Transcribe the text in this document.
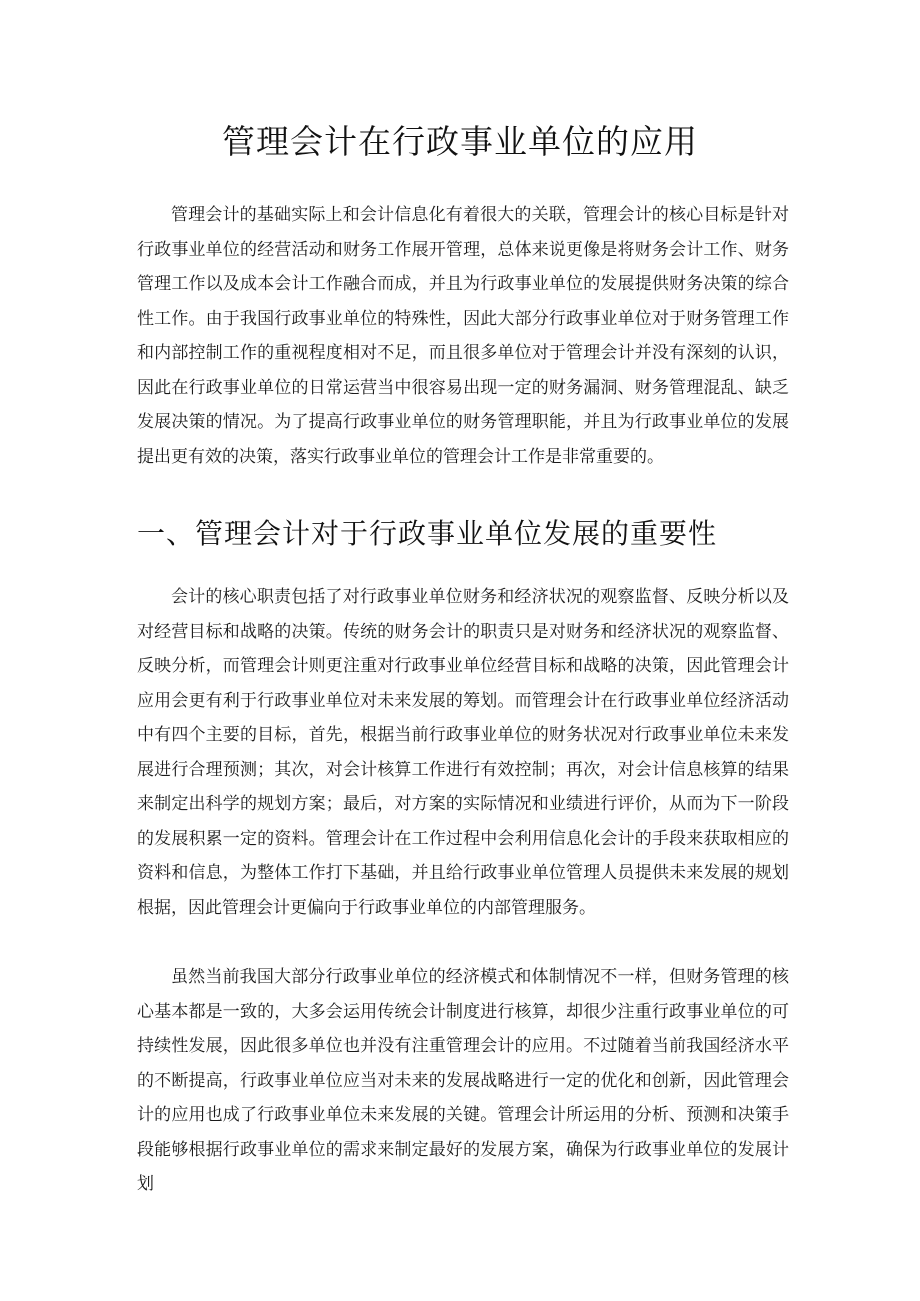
管理会计在行政事业单位的应用

管理会计的基础实际上和会计信息化有着很大的关联，管理会计的核心目标是针对行政事业单位的经营活动和财务工作展开管理，总体来说更像是将财务会计工作、财务管理工作以及成本会计工作融合而成，并且为行政事业单位的发展提供财务决策的综合性工作。由于我国行政事业单位的特殊性，因此大部分行政事业单位对于财务管理工作和内部控制工作的重视程度相对不足，而且很多单位对于管理会计并没有深刻的认识，因此在行政事业单位的日常运营当中很容易出现一定的财务漏洞、财务管理混乱、缺乏发展决策的情况。为了提高行政事业单位的财务管理职能，并且为行政事业单位的发展提出更有效的决策，落实行政事业单位的管理会计工作是非常重要的。

一、管理会计对于行政事业单位发展的重要性

会计的核心职责包括了对行政事业单位财务和经济状况的观察监督、反映分析以及对经营目标和战略的决策。传统的财务会计的职责只是对财务和经济状况的观察监督、反映分析，而管理会计则更注重对行政事业单位经营目标和战略的决策，因此管理会计应用会更有利于行政事业单位对未来发展的筹划。而管理会计在行政事业单位经济活动中有四个主要的目标，首先，根据当前行政事业单位的财务状况对行政事业单位未来发展进行合理预测；其次，对会计核算工作进行有效控制；再次，对会计信息核算的结果来制定出科学的规划方案；最后，对方案的实际情况和业绩进行评价，从而为下一阶段的发展积累一定的资料。管理会计在工作过程中会利用信息化会计的手段来获取相应的资料和信息，为整体工作打下基础，并且给行政事业单位管理人员提供未来发展的规划根据，因此管理会计更偏向于行政事业单位的内部管理服务。

虽然当前我国大部分行政事业单位的经济模式和体制情况不一样，但财务管理的核心基本都是一致的，大多会运用传统会计制度进行核算，却很少注重行政事业单位的可持续性发展，因此很多单位也并没有注重管理会计的应用。不过随着当前我国经济水平的不断提高，行政事业单位应当对未来的发展战略进行一定的优化和创新，因此管理会计的应用也成了行政事业单位未来发展的关键。管理会计所运用的分析、预测和决策手段能够根据行政事业单位的需求来制定最好的发展方案，确保为行政事业单位的发展计划
